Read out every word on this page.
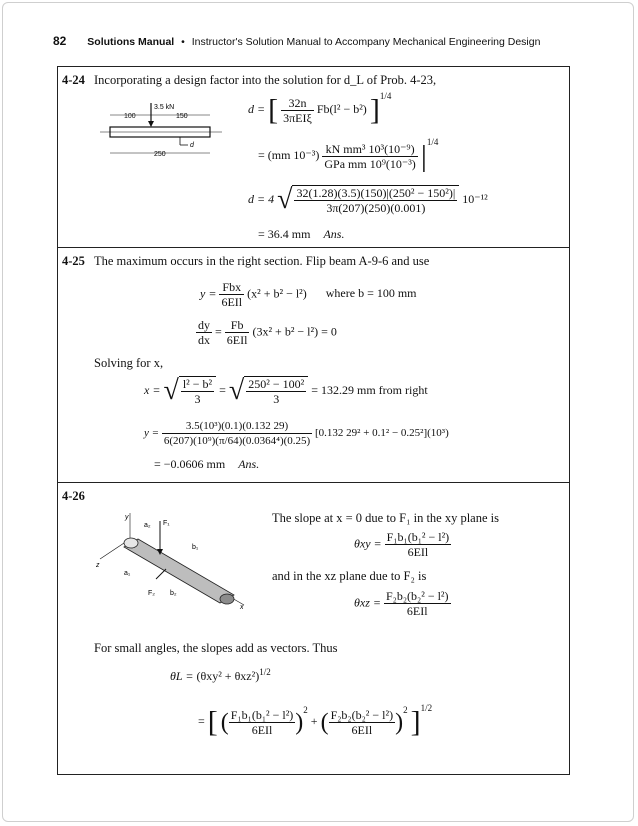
82 Solutions Manual • Instructor's Solution Manual to Accompany Mechanical Engineering Design
4-24 Incorporating a design factor into the solution for d_L of Prob. 4-23,
3.5 kN
100	150
250
d
d = [ $\frac{32n}{\text{3πEIξ}} Fb(l^2 - b^2)$ ]$^{1/4}$
= (mm $10^{-3}) \frac{\text{kN mm³ 10³(10⁻⁹)}}{\text{GPa mm 10⁹(10⁻³)}} |^{1/4}$
d = 4 √ $\frac{\text{32(1.28)(3.5)(150)|(250² − 150²)|}}{3\pi(207)(250)(0.001)} 10^{-12}$
= 36.4 mm Ans.
4-25 The maximum occurs in the right section. Flip beam A-9-6 and use
$y = \frac{\text{Fbx}}{\text{6EIl}} (x^2 + b^2 - l^2)$ where b = 100 mm
$\frac{dy}{dx} = \frac{Fb}{\text{6EIl}} (3x^2 + b^2 - l^2) = 0$
Solving for x,
x = √ $\frac{\text{l² − b²}}{3}$ = √ $\frac{\text{250² − 100²}}{3} = 132.29$ mm from right
$y = \frac{\text{3.5(10³)(0.1)(0.132 29)}}{\text{6(207)(10⁹)(π/64)(0.0364⁴)(0.25)}} [0.132$ 29² + 0.1² − 0.25²](10³)
= −0.0606 mm Ans.
4-26
y
z
x
F₁
a₂
b₁
a₁
F₂ b₂
The slope at x = 0 due to F₁ in the xy plane is
$\theta xy = \frac{\text{F₁b₁(b₁² − l²)}}{\text{6EIl}}$
and in the xz plane due to F₂ is
$\theta xz = \frac{\text{F₂b₂(b₂² − l²)}}{\text{6EIl}}$
For small angles, the slopes add as vectors. Thus
$\theta L = (\theta xy^2 + \theta xz^2)^{1/2}$
= [ ( $\frac{\text{F₁b₁(b₁² − l²)}}{\text{6EIl}} )^2$ + ( $\frac{\text{F₂b₂(b₂² − l²)}}{\text{6EIl}} )^2$ ]$^{1/2}$
